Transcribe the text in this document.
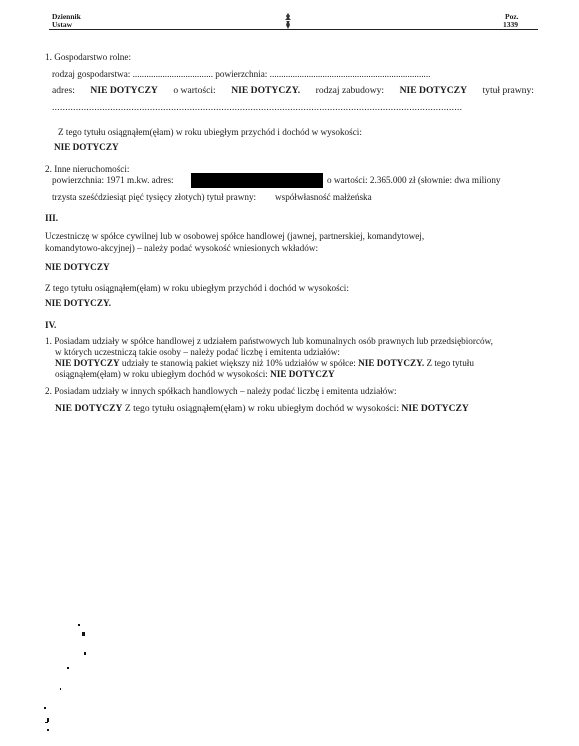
Dziennik
Ustaw
Poz.
1339
1. Gospodarstwo rolne:
rodzaj gospodarstwa: ................................... powierzchnia: ......................................................................
adres: NIE DOTYCZY o wartości: NIE DOTYCZY. rodzaj zabudowy: NIE DOTYCZY tytuł prawny:
...........................................................................................................................................................
Z tego tytułu osiągnąłem(ęłam) w roku ubiegłym przychód i dochód w wysokości:
NIE DOTYCZY
2. Inne nieruchomości:
powierzchnia: 1971 m.kw. adres:	o wartości: 2.365.000 zł (słownie: dwa miliony
trzysta sześćdziesiąt pięć tysięcy złotych) tytuł prawny: współwłasność małżeńska
III.
Uczestniczę w spółce cywilnej lub w osobowej spółce handlowej (jawnej, partnerskiej, komandytowej,
komandytowo-akcyjnej) – należy podać wysokość wniesionych wkładów:
NIE DOTYCZY
Z tego tytułu osiągnąłem(ęłam) w roku ubiegłym przychód i dochód w wysokości:
NIE DOTYCZY.
IV.
1. Posiadam udziały w spółce handlowej z udziałem państwowych lub komunalnych osób prawnych lub przedsiębiorców,
w których uczestniczą takie osoby – należy podać liczbę i emitenta udziałów:
NIE DOTYCZY udziały te stanowią pakiet większy niż 10% udziałów w spółce: NIE DOTYCZY. Z tego tytułu
osiągnąłem(ęłam) w roku ubiegłym dochód w wysokości: NIE DOTYCZY
2. Posiadam udziały w innych spółkach handlowych – należy podać liczbę i emitenta udziałów:
NIE DOTYCZY Z tego tytułu osiągnąłem(ęłam) w roku ubiegłym dochód w wysokości: NIE DOTYCZY
